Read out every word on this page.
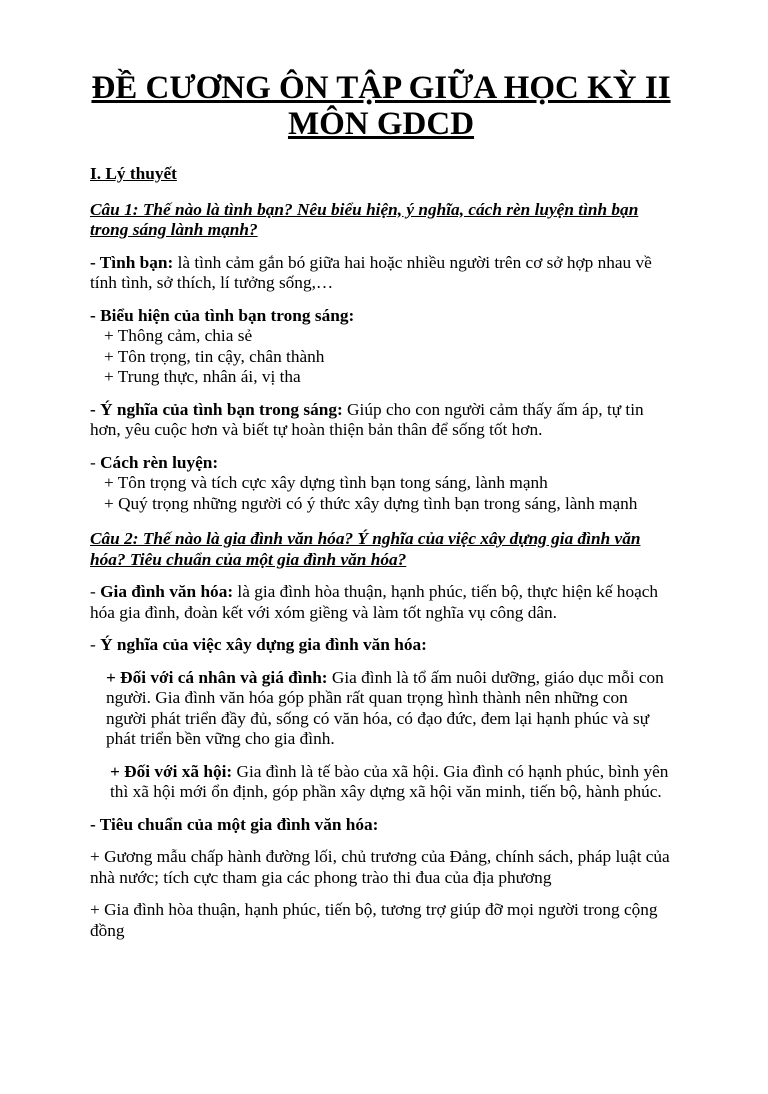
ĐỀ CƯƠNG ÔN TẬP GIỮA HỌC KỲ II
MÔN GDCD

I. Lý thuyết

Câu 1: Thế nào là tình bạn? Nêu biểu hiện, ý nghĩa, cách rèn luyện tình bạn trong sáng lành mạnh?

- Tình bạn: là tình cảm gắn bó giữa hai hoặc nhiều người trên cơ sở hợp nhau về tính tình, sở thích, lí tưởng sống,…

- Biểu hiện của tình bạn trong sáng:

+ Thông cảm, chia sẻ
+ Tôn trọng, tin cậy, chân thành
+ Trung thực, nhân ái, vị tha

- Ý nghĩa của tình bạn trong sáng: Giúp cho con người cảm thấy ấm áp, tự tin hơn, yêu cuộc hơn và biết tự hoàn thiện bản thân để sống tốt hơn.

- Cách rèn luyện:

+ Tôn trọng và tích cực xây dựng tình bạn tong sáng, lành mạnh
+ Quý trọng những người có ý thức xây dựng tình bạn trong sáng, lành mạnh

Câu 2: Thế nào là gia đình văn hóa? Ý nghĩa của việc xây dựng gia đình văn hóa? Tiêu chuẩn của một gia đình văn hóa?

- Gia đình văn hóa: là gia đình hòa thuận, hạnh phúc, tiến bộ, thực hiện kế hoạch hóa gia đình, đoàn kết với xóm giềng và làm tốt nghĩa vụ công dân.

- Ý nghĩa của việc xây dựng gia đình văn hóa:

+ Đối với cá nhân và giá đình: Gia đình là tổ ấm nuôi dưỡng, giáo dục mỗi con người. Gia đình văn hóa góp phần rất quan trọng hình thành nên những con người phát triển đầy đủ, sống có văn hóa, có đạo đức, đem lại hạnh phúc và sự phát triển bền vững cho gia đình.

+ Đối với xã hội: Gia đình là tế bào của xã hội. Gia đình có hạnh phúc, bình yên thì xã hội mới ổn định, góp phần xây dựng xã hội văn minh, tiến bộ, hành phúc.

- Tiêu chuẩn của một gia đình văn hóa:

+ Gương mẫu chấp hành đường lối, chủ trương của Đảng, chính sách, pháp luật của nhà nước; tích cực tham gia các phong trào thi đua của địa phương

+ Gia đình hòa thuận, hạnh phúc, tiến bộ, tương trợ giúp đỡ mọi người trong cộng đồng
